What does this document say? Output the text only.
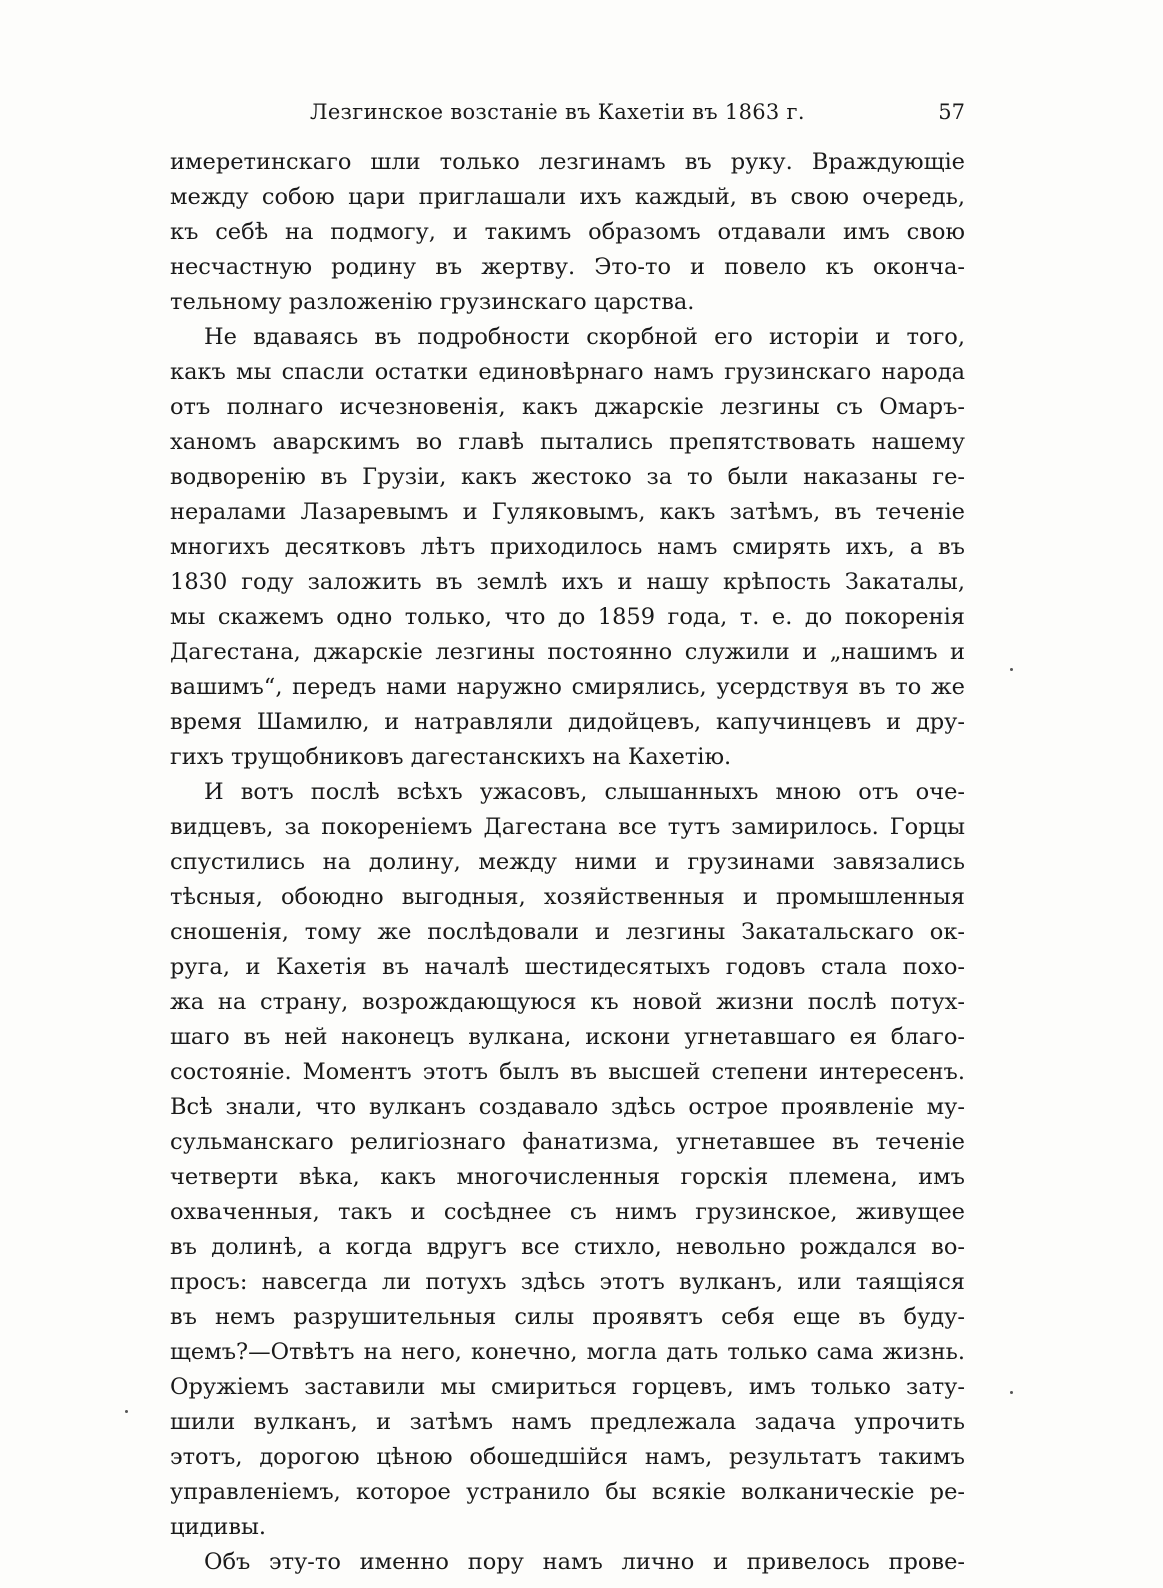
Лезгинское возстаніе въ Кахетіи въ 1863 г.	57
имеретинскаго шли только лезгинамъ въ руку. Враждующіе
между собою цари приглашали ихъ каждый, въ свою очередь,
къ себѣ на подмогу, и такимъ образомъ отдавали имъ свою
несчастную родину въ жертву. Это-то и повело къ оконча-
тельному разложенію грузинскаго царства.
Не вдаваясь въ подробности скорбной его исторіи и того,
какъ мы спасли остатки единовѣрнаго намъ грузинскаго народа
отъ полнаго исчезновенія, какъ джарскіе лезгины съ Омаръ-
ханомъ аварскимъ во главѣ пытались препятствовать нашему
водворенію въ Грузіи, какъ жестоко за то были наказаны ге-
нералами Лазаревымъ и Гуляковымъ, какъ затѣмъ, въ теченіе
многихъ десятковъ лѣтъ приходилось намъ смирять ихъ, а въ
1830 году заложить въ землѣ ихъ и нашу крѣпость Закаталы,
мы скажемъ одно только, что до 1859 года, т. е. до покоренія
Дагестана, джарскіе лезгины постоянно служили и „нашимъ и
вашимъ“, передъ нами наружно смирялись, усердствуя въ то же
время Шамилю, и натравляли дидойцевъ, капучинцевъ и дру-
гихъ трущобниковъ дагестанскихъ на Кахетію.
И вотъ послѣ всѣхъ ужасовъ, слышанныхъ мною отъ оче-
видцевъ, за покореніемъ Дагестана все тутъ замирилось. Горцы
спустились на долину, между ними и грузинами завязались
тѣсныя, обоюдно выгодныя, хозяйственныя и промышленныя
сношенія, тому же послѣдовали и лезгины Закатальскаго ок-
руга, и Кахетія въ началѣ шестидесятыхъ годовъ стала похо-
жа на страну, возрождающуюся къ новой жизни послѣ потух-
шаго въ ней наконецъ вулкана, искони угнетавшаго ея благо-
состояніе. Моментъ этотъ былъ въ высшей степени интересенъ.
Всѣ знали, что вулканъ создавало здѣсь острое проявленіе му-
сульманскаго религіознаго фанатизма, угнетавшее въ теченіе
четверти вѣка, какъ многочисленныя горскія племена, имъ
охваченныя, такъ и сосѣднее съ нимъ грузинское, живущее
въ долинѣ, а когда вдругъ все стихло, невольно рождался во-
просъ: навсегда ли потухъ здѣсь этотъ вулканъ, или таящіяся
въ немъ разрушительныя силы проявятъ себя еще въ буду-
щемъ?—Отвѣтъ на него, конечно, могла дать только сама жизнь.
Оружіемъ заставили мы смириться горцевъ, имъ только зату-
шили вулканъ, и затѣмъ намъ предлежала задача упрочить
этотъ, дорогою цѣною обошедшійся намъ, результатъ такимъ
управленіемъ, которое устранило бы всякіе волканическіе ре-
цидивы.
Объ эту-то именно пору намъ лично и привелось прове-
